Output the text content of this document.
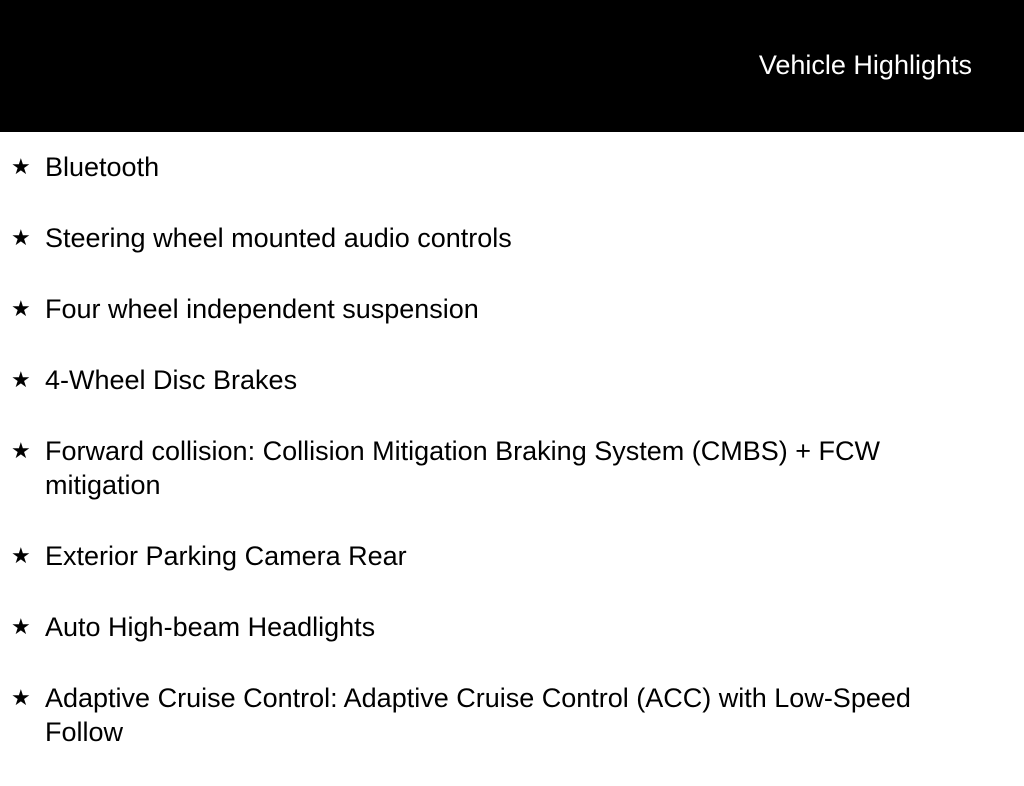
Vehicle Highlights
★ Bluetooth
★ Steering wheel mounted audio controls
★ Four wheel independent suspension
★ 4-Wheel Disc Brakes
★ Forward collision: Collision Mitigation Braking System (CMBS) + FCW mitigation
★ Exterior Parking Camera Rear
★ Auto High-beam Headlights
★ Adaptive Cruise Control: Adaptive Cruise Control (ACC) with Low-Speed Follow
